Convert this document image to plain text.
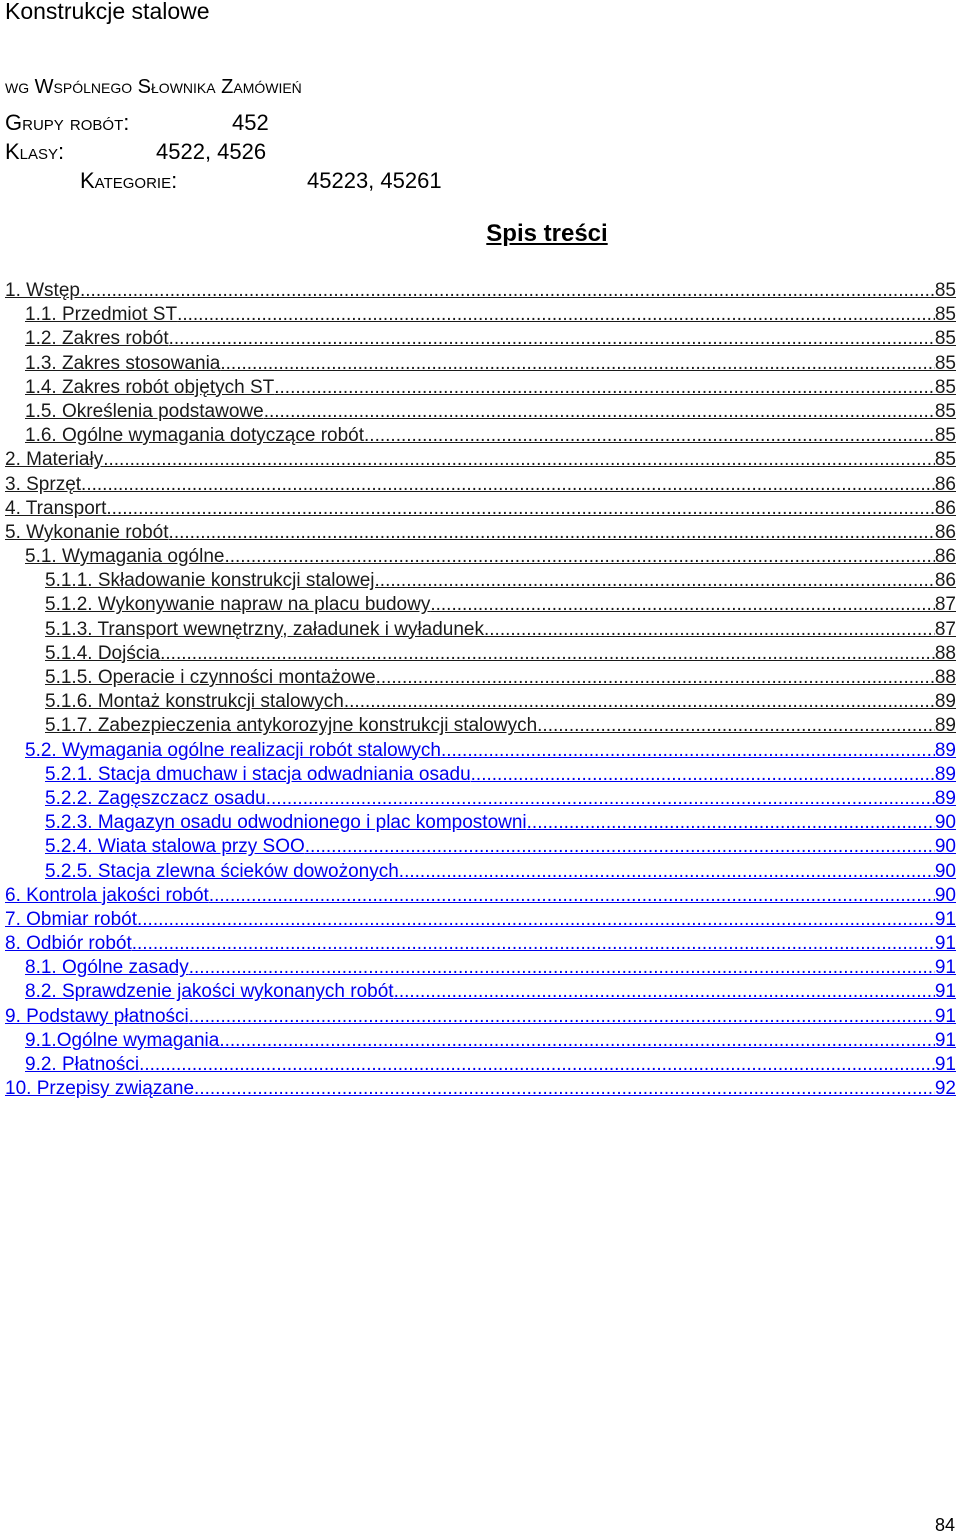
Konstrukcje stalowe
wg Wspólnego Słownika Zamówień
Grupy robót:	452
Klasy:	4522, 4526
Kategorie:	45223, 45261
Spis treści
1. Wstęp .....	85
1.1. Przedmiot ST .....	85
1.2. Zakres robót .....	85
1.3. Zakres stosowania .....	85
1.4. Zakres robót objętych ST .....	85
1.5. Określenia podstawowe .....	85
1.6. Ogólne wymagania dotyczące robót .....	85
2. Materiały .....	85
3. Sprzęt .....	86
4. Transport .....	86
5. Wykonanie robót .....	86
5.1. Wymagania ogólne .....	86
5.1.1. Składowanie konstrukcji stalowej .....	86
5.1.2. Wykonywanie napraw na placu budowy .....	87
5.1.3. Transport wewnętrzny, załadunek i wyładunek .....	87
5.1.4. Dojścia .....	88
5.1.5. Operacie i czynności montażowe .....	88
5.1.6. Montaż konstrukcji stalowych .....	89
5.1.7. Zabezpieczenia antykorozyjne konstrukcji stalowych .....	89
5.2. Wymagania ogólne realizacji robót stalowych .....	89
5.2.1. Stacja dmuchaw i stacja odwadniania osadu .....	89
5.2.2. Zagęszczacz osadu .....	89
5.2.3. Magazyn osadu odwodnionego i plac kompostowni .....	90
5.2.4. Wiata stalowa przy SOO .....	90
5.2.5. Stacja zlewna ścieków dowożonych. .....	90
6. Kontrola jakości robót .....	90
7. Obmiar robót .....	91
8. Odbiór robót .....	91
8.1. Ogólne zasady .....	91
8.2. Sprawdzenie jakości wykonanych robót .....	91
9. Podstawy płatności .....	91
9.1.Ogólne wymagania .....	91
9.2. Płatności .....	91
10. Przepisy związane .....	92
84
